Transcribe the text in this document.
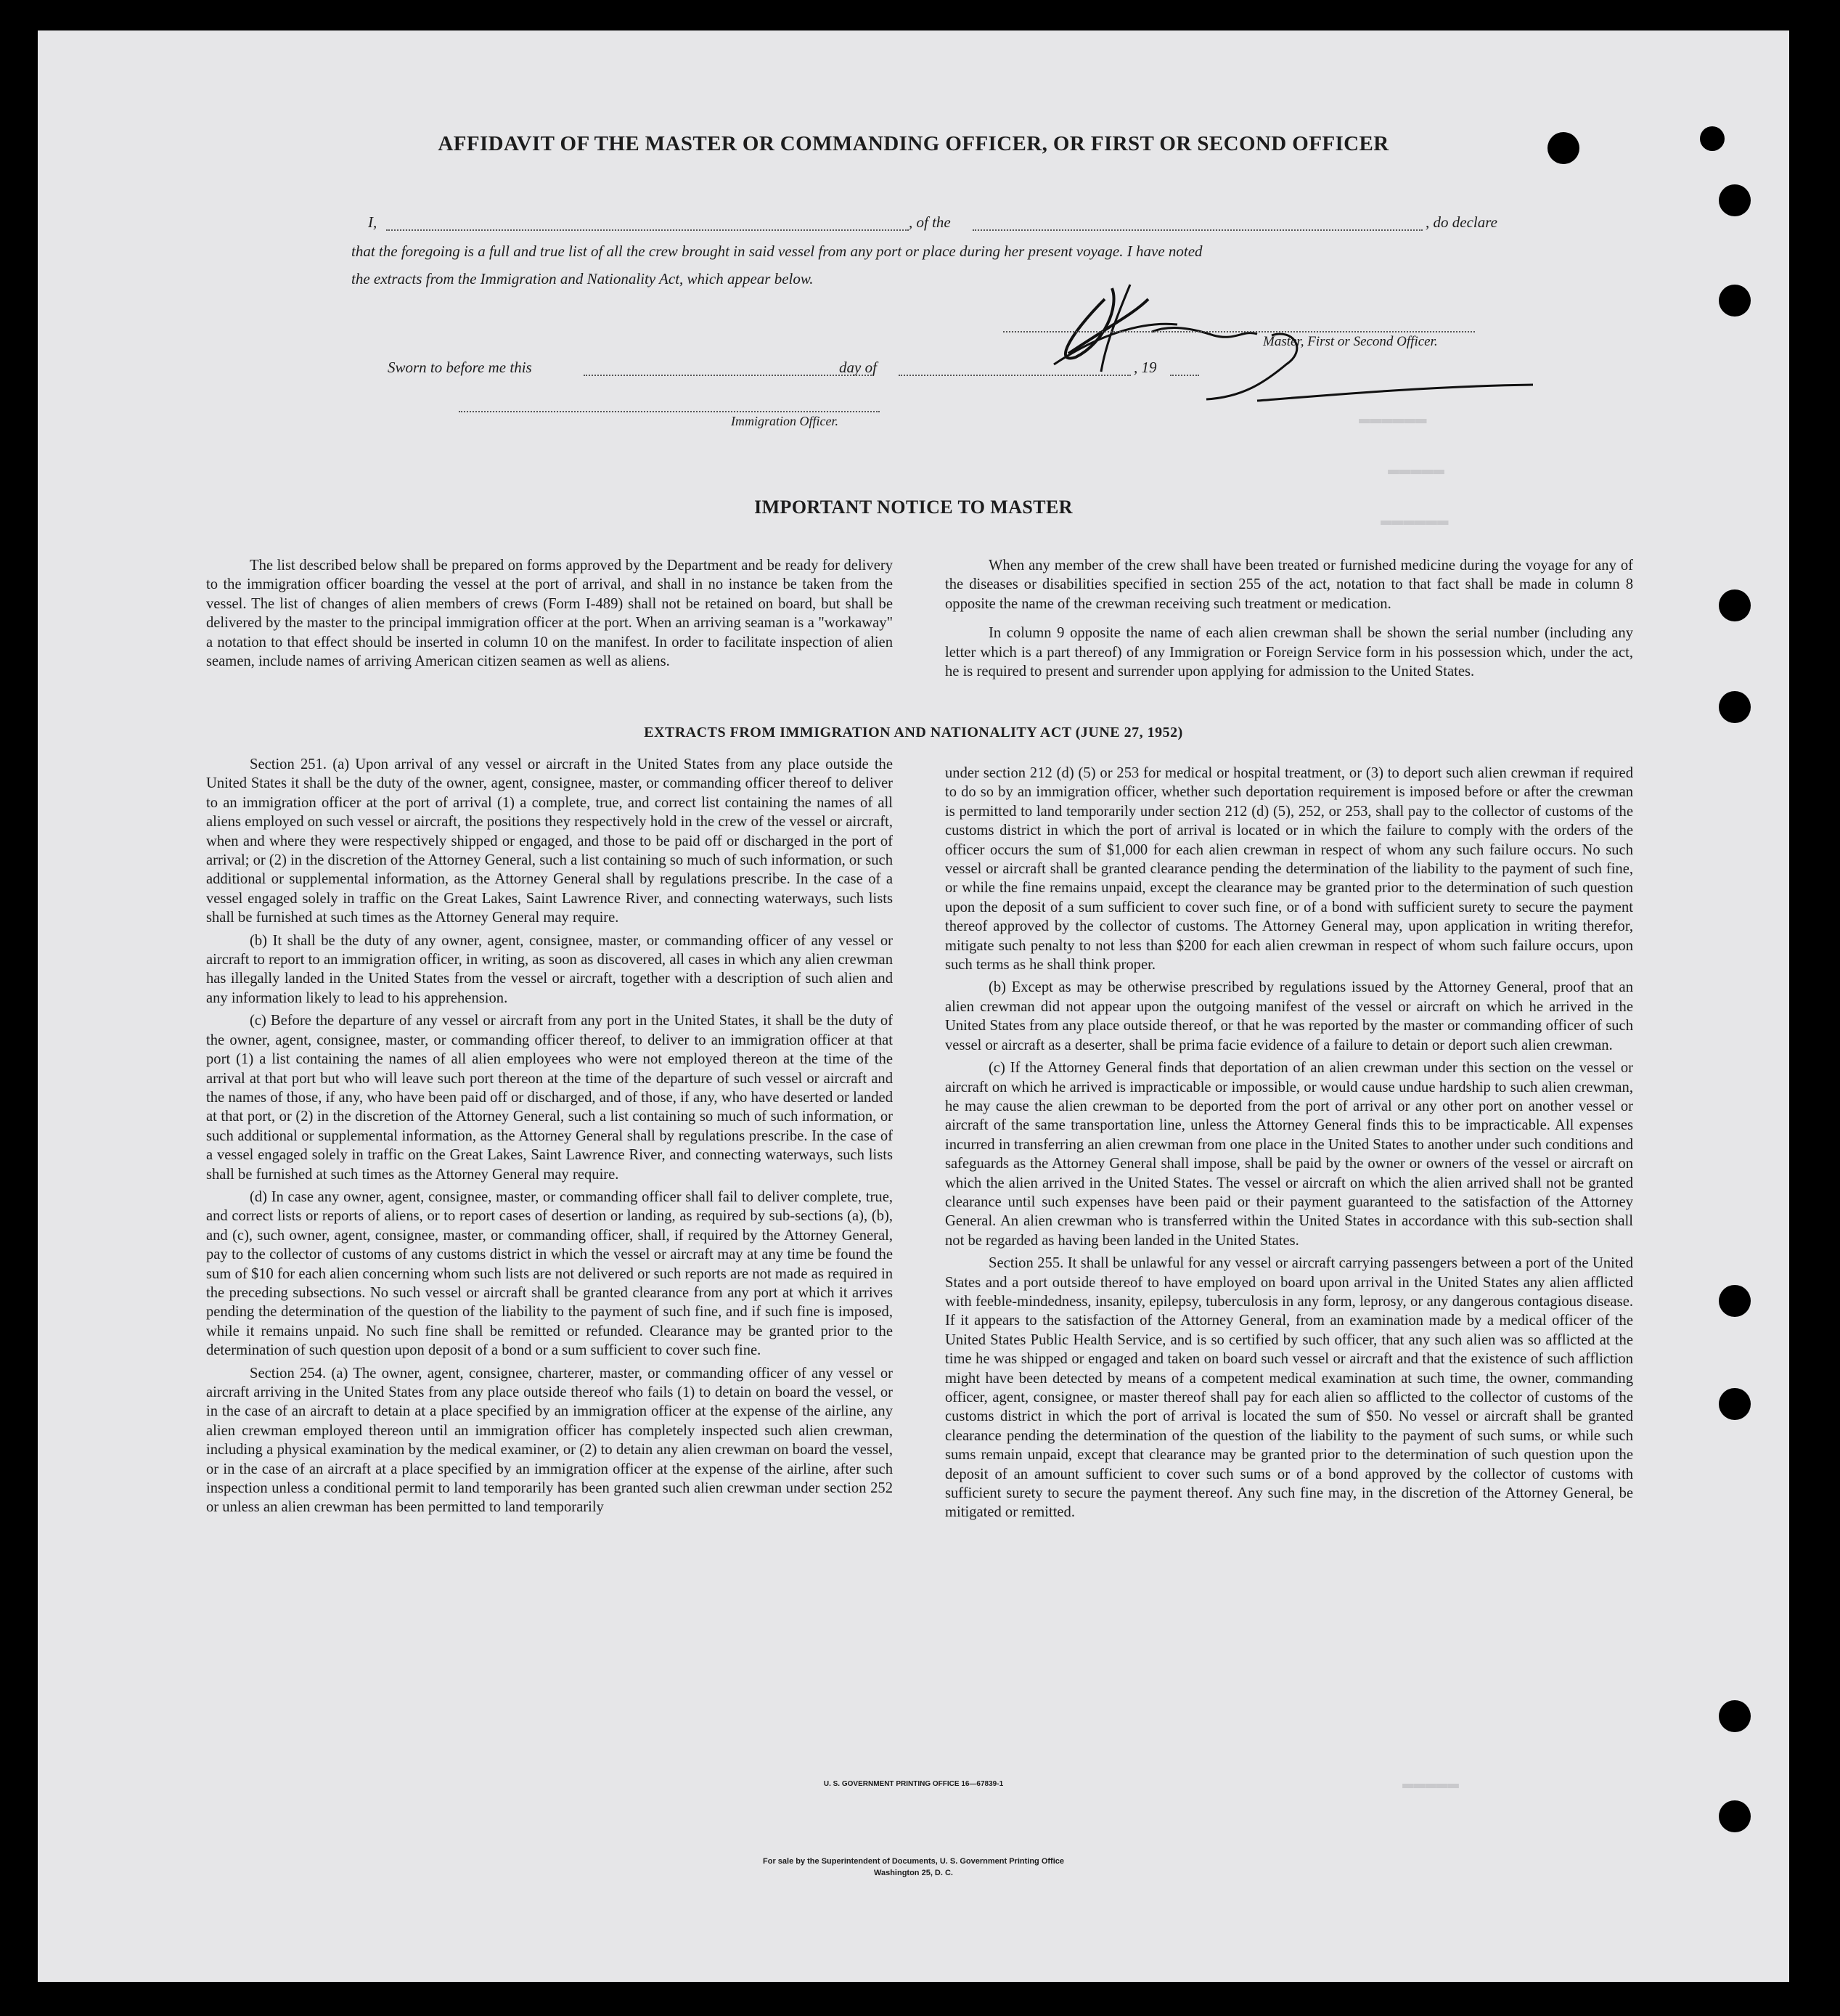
▬▬▬▬▬▬
▬▬▬▬▬
▬▬▬▬▬▬
▬▬▬▬▬
AFFIDAVIT OF THE MASTER OR COMMANDING OFFICER, OR FIRST OR SECOND OFFICER
I,	, of the	, do declare
that the foregoing is a full and true list of all the crew brought in said vessel from any port or place during her present voyage. I have noted
the extracts from the Immigration and Nationality Act, which appear below.
Master, First or Second Officer.
Sworn to before me this	day of	, 19
Immigration Officer.
IMPORTANT NOTICE TO MASTER

The list described below shall be prepared on forms approved by the Department and be ready for delivery to the immigration officer boarding the vessel at the port of arrival, and shall in no instance be taken from the vessel. The list of changes of alien members of crews (Form I-489) shall not be retained on board, but shall be delivered by the master to the principal immigration officer at the port. When an arriving seaman is a "workaway" a notation to that effect should be inserted in column 10 on the manifest. In order to facilitate inspection of alien seamen, include names of arriving American citizen seamen as well as aliens.

When any member of the crew shall have been treated or furnished medicine during the voyage for any of the diseases or disabilities specified in section 255 of the act, notation to that fact shall be made in column 8 opposite the name of the crewman receiving such treatment or medication.

In column 9 opposite the name of each alien crewman shall be shown the serial number (including any letter which is a part thereof) of any Immigration or Foreign Service form in his possession which, under the act, he is required to present and surrender upon applying for admission to the United States.

EXTRACTS FROM IMMIGRATION AND NATIONALITY ACT (JUNE 27, 1952)

Section 251. (a) Upon arrival of any vessel or aircraft in the United States from any place outside the United States it shall be the duty of the owner, agent, consignee, master, or commanding officer thereof to deliver to an immigration officer at the port of arrival (1) a complete, true, and correct list containing the names of all aliens employed on such vessel or aircraft, the positions they respectively hold in the crew of the vessel or aircraft, when and where they were respectively shipped or engaged, and those to be paid off or discharged in the port of arrival; or (2) in the discretion of the Attorney General, such a list containing so much of such information, or such additional or supplemental information, as the Attorney General shall by regulations prescribe. In the case of a vessel engaged solely in traffic on the Great Lakes, Saint Lawrence River, and connecting waterways, such lists shall be furnished at such times as the Attorney General may require.

(b) It shall be the duty of any owner, agent, consignee, master, or commanding officer of any vessel or aircraft to report to an immigration officer, in writing, as soon as discovered, all cases in which any alien crewman has illegally landed in the United States from the vessel or aircraft, together with a description of such alien and any information likely to lead to his apprehension.

(c) Before the departure of any vessel or aircraft from any port in the United States, it shall be the duty of the owner, agent, consignee, master, or commanding officer thereof, to deliver to an immigration officer at that port (1) a list containing the names of all alien employees who were not employed thereon at the time of the arrival at that port but who will leave such port thereon at the time of the departure of such vessel or aircraft and the names of those, if any, who have been paid off or discharged, and of those, if any, who have deserted or landed at that port, or (2) in the discretion of the Attorney General, such a list containing so much of such information, or such additional or supplemental information, as the Attorney General shall by regulations prescribe. In the case of a vessel engaged solely in traffic on the Great Lakes, Saint Lawrence River, and connecting waterways, such lists shall be furnished at such times as the Attorney General may require.

(d) In case any owner, agent, consignee, master, or commanding officer shall fail to deliver complete, true, and correct lists or reports of aliens, or to report cases of desertion or landing, as required by sub-sections (a), (b), and (c), such owner, agent, consignee, master, or commanding officer, shall, if required by the Attorney General, pay to the collector of customs of any customs district in which the vessel or aircraft may at any time be found the sum of $10 for each alien concerning whom such lists are not delivered or such reports are not made as required in the preceding subsections. No such vessel or aircraft shall be granted clearance from any port at which it arrives pending the determination of the question of the liability to the payment of such fine, and if such fine is imposed, while it remains unpaid. No such fine shall be remitted or refunded. Clearance may be granted prior to the determination of such question upon deposit of a bond or a sum sufficient to cover such fine.

Section 254. (a) The owner, agent, consignee, charterer, master, or commanding officer of any vessel or aircraft arriving in the United States from any place outside thereof who fails (1) to detain on board the vessel, or in the case of an aircraft to detain at a place specified by an immigration officer at the expense of the airline, any alien crewman employed thereon until an immigration officer has completely inspected such alien crewman, including a physical examination by the medical examiner, or (2) to detain any alien crewman on board the vessel, or in the case of an aircraft at a place specified by an immigration officer at the expense of the airline, after such inspection unless a conditional permit to land temporarily has been granted such alien crewman under section 252 or unless an alien crewman has been permitted to land temporarily

under section 212 (d) (5) or 253 for medical or hospital treatment, or (3) to deport such alien crewman if required to do so by an immigration officer, whether such deportation requirement is imposed before or after the crewman is permitted to land temporarily under section 212 (d) (5), 252, or 253, shall pay to the collector of customs of the customs district in which the port of arrival is located or in which the failure to comply with the orders of the officer occurs the sum of $1,000 for each alien crewman in respect of whom any such failure occurs. No such vessel or aircraft shall be granted clearance pending the determination of the liability to the payment of such fine, or while the fine remains unpaid, except the clearance may be granted prior to the determination of such question upon the deposit of a sum sufficient to cover such fine, or of a bond with sufficient surety to secure the payment thereof approved by the collector of customs. The Attorney General may, upon application in writing therefor, mitigate such penalty to not less than $200 for each alien crewman in respect of whom such failure occurs, upon such terms as he shall think proper.

(b) Except as may be otherwise prescribed by regulations issued by the Attorney General, proof that an alien crewman did not appear upon the outgoing manifest of the vessel or aircraft on which he arrived in the United States from any place outside thereof, or that he was reported by the master or commanding officer of such vessel or aircraft as a deserter, shall be prima facie evidence of a failure to detain or deport such alien crewman.

(c) If the Attorney General finds that deportation of an alien crewman under this section on the vessel or aircraft on which he arrived is impracticable or impossible, or would cause undue hardship to such alien crewman, he may cause the alien crewman to be deported from the port of arrival or any other port on another vessel or aircraft of the same transportation line, unless the Attorney General finds this to be impracticable. All expenses incurred in transferring an alien crewman from one place in the United States to another under such conditions and safeguards as the Attorney General shall impose, shall be paid by the owner or owners of the vessel or aircraft on which the alien arrived in the United States. The vessel or aircraft on which the alien arrived shall not be granted clearance until such expenses have been paid or their payment guaranteed to the satisfaction of the Attorney General. An alien crewman who is transferred within the United States in accordance with this sub-section shall not be regarded as having been landed in the United States.

Section 255. It shall be unlawful for any vessel or aircraft carrying passengers between a port of the United States and a port outside thereof to have employed on board upon arrival in the United States any alien afflicted with feeble-mindedness, insanity, epilepsy, tuberculosis in any form, leprosy, or any dangerous contagious disease. If it appears to the satisfaction of the Attorney General, from an examination made by a medical officer of the United States Public Health Service, and is so certified by such officer, that any such alien was so afflicted at the time he was shipped or engaged and taken on board such vessel or aircraft and that the existence of such affliction might have been detected by means of a competent medical examination at such time, the owner, commanding officer, agent, consignee, or master thereof shall pay for each alien so afflicted to the collector of customs of the customs district in which the port of arrival is located the sum of $50. No vessel or aircraft shall be granted clearance pending the determination of the question of the liability to the payment of such sums, or while such sums remain unpaid, except that clearance may be granted prior to the determination of such question upon the deposit of an amount sufficient to cover such sums or of a bond approved by the collector of customs with sufficient surety to secure the payment thereof. Any such fine may, in the discretion of the Attorney General, be mitigated or remitted.

U. S. GOVERNMENT PRINTING OFFICE 16—67839-1
For sale by the Superintendent of Documents, U. S. Government Printing Office
Washington 25, D. C.
